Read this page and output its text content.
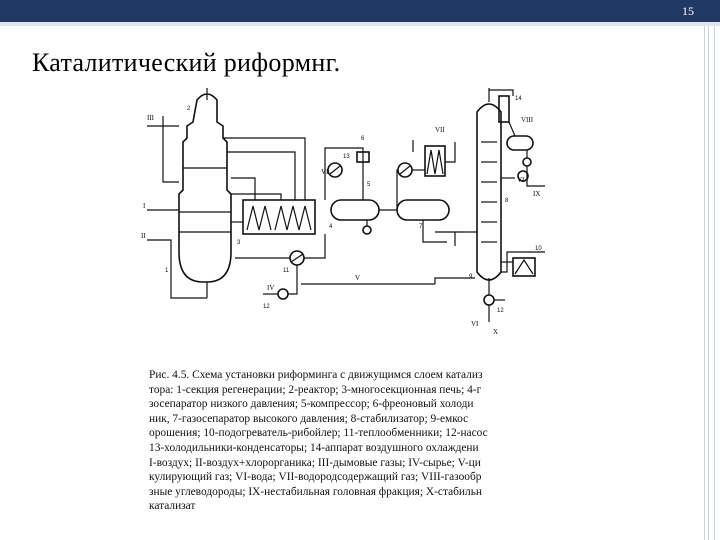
15
Каталитический риформнг.
2
1
3
4
5
6
7
8
9
10
11
12
12
13
14
I
II
III
IV
V
VI
VI
VI
VII
VIII
IX
X
Рис. 4.5. Схема установки риформинга с движущимся слоем катализ
тора: 1-секция регенерации; 2-реактор; 3-многосекционная печь; 4-г
зосепаратор низкого давления; 5-компрессор; 6-фреоновый холоди
ник, 7-газосепаратор высокого давления; 8-стабилизатор; 9-емкос
орошения; 10-подогреватель-рибойлер; 11-теплообменники; 12-насос
13-холодильники-конденсаторы; 14-аппарат воздушного охлаждени
I-воздух; II-воздух+хлорорганика; III-дымовые газы; IV-сырье; V-ци
кулирующий газ; VI-вода; VII-водородсодержащий газ; VIII-газообр
зные углеводороды; IX-нестабильная головная фракция; X-стабильн
катализат
